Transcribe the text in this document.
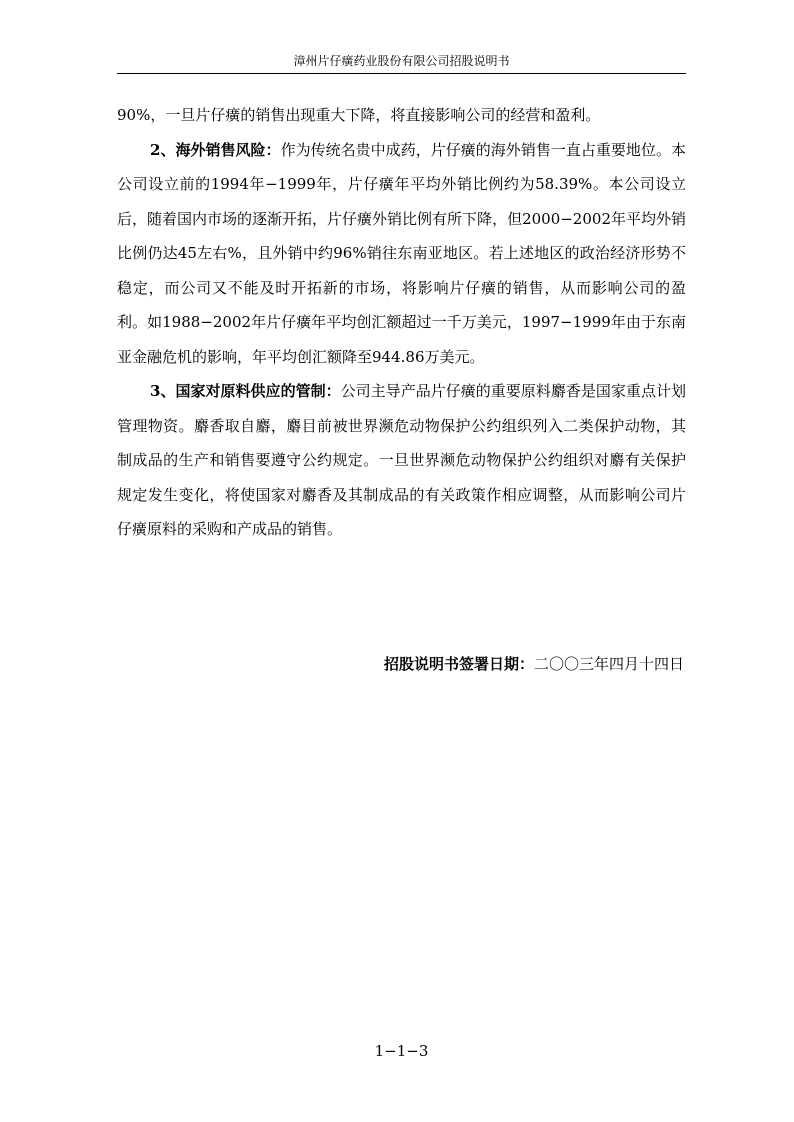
漳州片仔癀药业股份有限公司招股说明书

90%，一旦片仔癀的销售出现重大下降，将直接影响公司的经营和盈利。

2、海外销售风险：作为传统名贵中成药，片仔癀的海外销售一直占重要地位。本公司设立前的1994年−1999年，片仔癀年平均外销比例约为58.39%。本公司设立后，随着国内市场的逐渐开拓，片仔癀外销比例有所下降，但2000−2002年平均外销比例仍达45左右%，且外销中约96%销往东南亚地区。若上述地区的政治经济形势不稳定，而公司又不能及时开拓新的市场，将影响片仔癀的销售，从而影响公司的盈利。如1988−2002年片仔癀年平均创汇额超过一千万美元，1997−1999年由于东南亚金融危机的影响，年平均创汇额降至944.86万美元。

3、国家对原料供应的管制：公司主导产品片仔癀的重要原料麝香是国家重点计划管理物资。麝香取自麝，麝目前被世界濒危动物保护公约组织列入二类保护动物，其制成品的生产和销售要遵守公约规定。一旦世界濒危动物保护公约组织对麝有关保护规定发生变化，将使国家对麝香及其制成品的有关政策作相应调整，从而影响公司片仔癀原料的采购和产成品的销售。

招股说明书签署日期：二〇〇三年四月十四日
1−1−3
